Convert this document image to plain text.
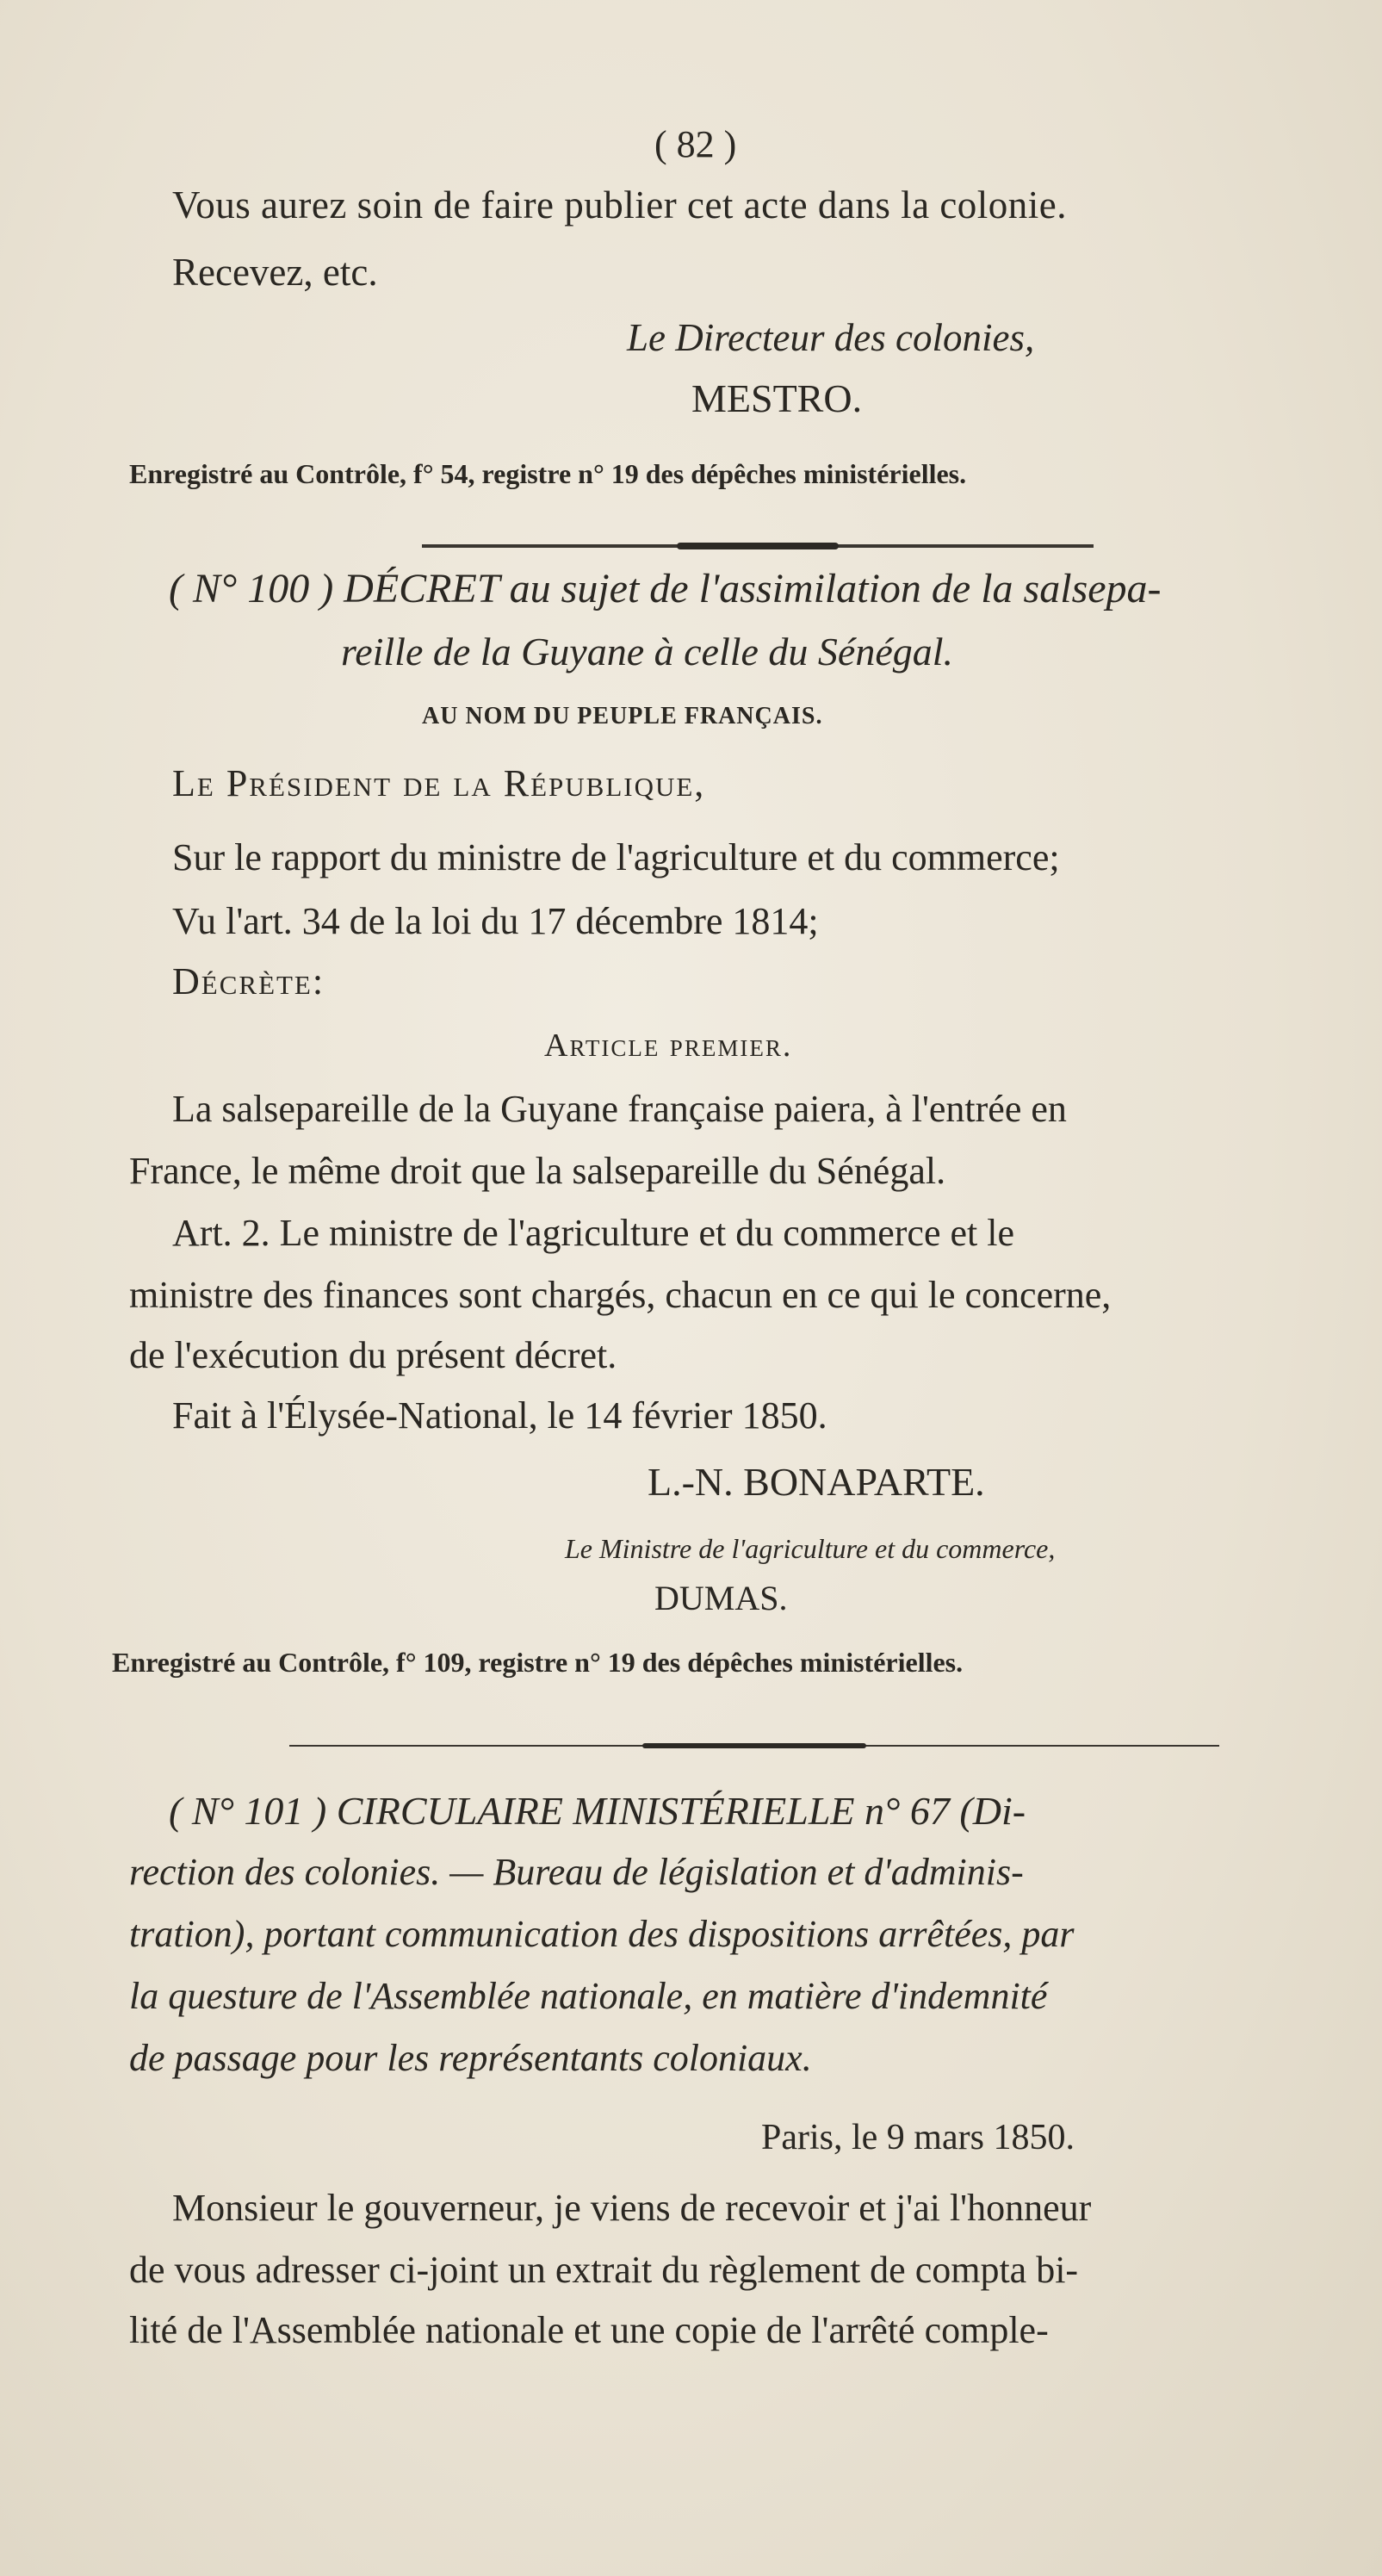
( 82 )

Vous aurez soin de faire publier cet acte dans la colonie.

Recevez, etc.

Le Directeur des colonies,

MESTRO.

Enregistré au Contrôle, f° 54, registre n° 19 des dépêches ministérielles.

( N° 100 ) DÉCRET au sujet de l'assimilation de la salsepa-

reille de la Guyane à celle du Sénégal.

AU NOM DU PEUPLE FRANÇAIS.

Le Président de la République,

Sur le rapport du ministre de l'agriculture et du commerce;

Vu l'art. 34 de la loi du 17 décembre 1814;

Décrète:

Article premier.

La salsepareille de la Guyane française paiera, à l'entrée en

France, le même droit que la salsepareille du Sénégal.

Art. 2. Le ministre de l'agriculture et du commerce et le

ministre des finances sont chargés, chacun en ce qui le concerne,

de l'exécution du présent décret.

Fait à l'Élysée-National, le 14 février 1850.

L.-N. BONAPARTE.

Le Ministre de l'agriculture et du commerce,

DUMAS.

Enregistré au Contrôle, f° 109, registre n° 19 des dépêches ministérielles.

( N° 101 ) CIRCULAIRE MINISTÉRIELLE n° 67 (Di-

rection des colonies. — Bureau de législation et d'adminis-

tration), portant communication des dispositions arrêtées, par

la questure de l'Assemblée nationale, en matière d'indemnité

de passage pour les représentants coloniaux.

Paris, le 9 mars 1850.

Monsieur le gouverneur, je viens de recevoir et j'ai l'honneur

de vous adresser ci-joint un extrait du règlement de compta bi-

lité de l'Assemblée nationale et une copie de l'arrêté comple-
